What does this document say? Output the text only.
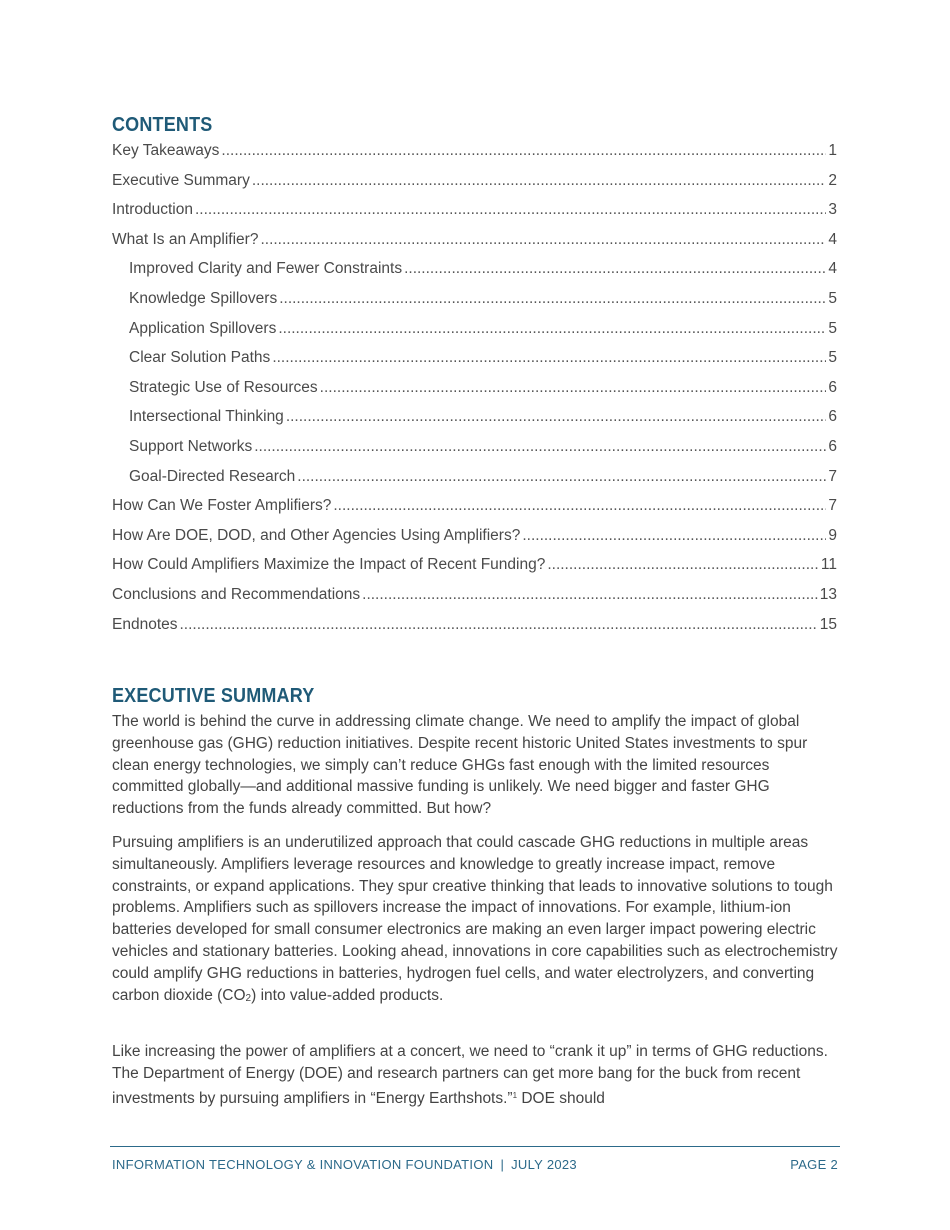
CONTENTS
Key Takeaways .....	1
Executive Summary .....	2
Introduction .....	3
What Is an Amplifier? .....	4
Improved Clarity and Fewer Constraints .....	4
Knowledge Spillovers .....	5
Application Spillovers .....	5
Clear Solution Paths .....	5
Strategic Use of Resources .....	6
Intersectional Thinking .....	6
Support Networks .....	6
Goal-Directed Research .....	7
How Can We Foster Amplifiers? .....	7
How Are DOE, DOD, and Other Agencies Using Amplifiers? .....	9
How Could Amplifiers Maximize the Impact of Recent Funding? .....	11
Conclusions and Recommendations .....	13
Endnotes .....	15
EXECUTIVE SUMMARY

The world is behind the curve in addressing climate change. We need to amplify the impact of global greenhouse gas (GHG) reduction initiatives. Despite recent historic United States investments to spur clean energy technologies, we simply can’t reduce GHGs fast enough with the limited resources committed globally—and additional massive funding is unlikely. We need bigger and faster GHG reductions from the funds already committed. But how?

Pursuing amplifiers is an underutilized approach that could cascade GHG reductions in multiple areas simultaneously. Amplifiers leverage resources and knowledge to greatly increase impact, remove constraints, or expand applications. They spur creative thinking that leads to innovative solutions to tough problems. Amplifiers such as spillovers increase the impact of innovations. For example, lithium-ion batteries developed for small consumer electronics are making an even larger impact powering electric vehicles and stationary batteries. Looking ahead, innovations in core capabilities such as electrochemistry could amplify GHG reductions in batteries, hydrogen fuel cells, and water electrolyzers, and converting carbon dioxide $(CO_2)$ into value-added products.

Like increasing the power of amplifiers at a concert, we need to “crank it up” in terms of GHG reductions. The Department of Energy (DOE) and research partners can get more bang for the buck from recent investments by pursuing amplifiers in “Energy Earthshots.”$^1$ DOE should

INFORMATION TECHNOLOGY & INNOVATION FOUNDATION | JULY 2023	PAGE 2
